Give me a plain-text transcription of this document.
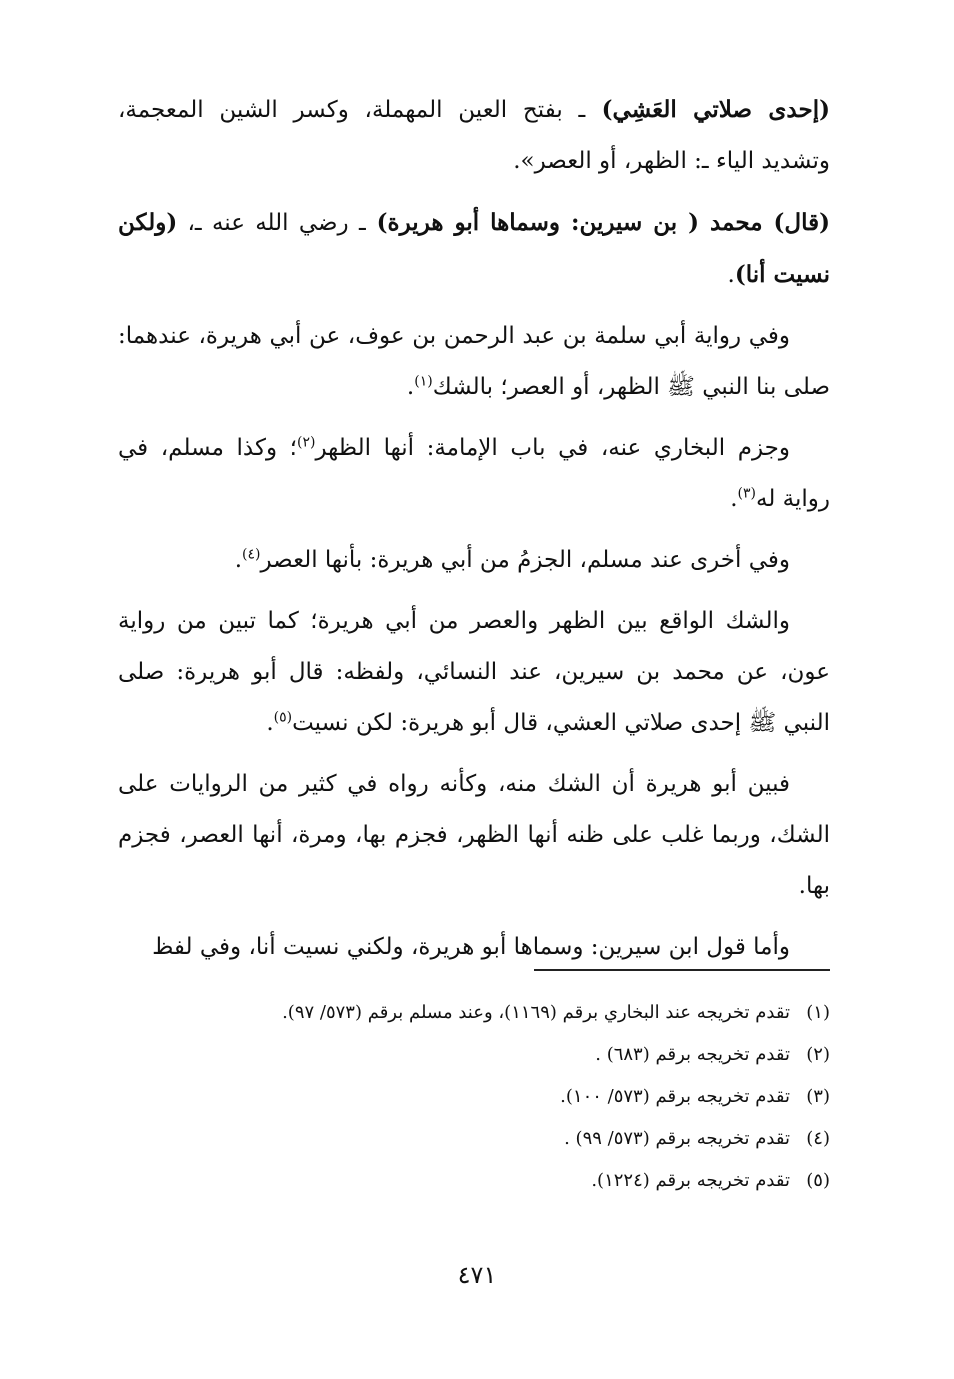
(إحدى صلاتي العَشِي) ـ بفتح العين المهملة، وكسر الشين المعجمة، وتشديد الياء ـ: الظهر، أو العصر».

(قال) محمد ( بن سيرين: وسماها أبو هريرة) ـ رضي الله عنه ـ، (ولكن نسيت أنا).

وفي رواية أبي سلمة بن عبد الرحمن بن عوف، عن أبي هريرة، عندهما: صلى بنا النبي ﷺ الظهر، أو العصر؛ بالشك$^{(١)}$.

وجزم البخاري عنه، في باب الإمامة: أنها الظهر$^{(٢)}$؛ وكذا مسلم، في رواية له$^{(٣)}$.

وفي أخرى عند مسلم، الجزمُ من أبي هريرة: بأنها العصر$^{(٤)}$.

والشك الواقع بين الظهر والعصر من أبي هريرة؛ كما تبين من رواية عون، عن محمد بن سيرين، عند النسائي، ولفظه: قال أبو هريرة: صلى النبي ﷺ إحدى صلاتي العشي، قال أبو هريرة: لكن نسيت$^{(٥)}$.

فبين أبو هريرة أن الشك منه، وكأنه رواه في كثير من الروايات على الشك، وربما غلب على ظنه أنها الظهر، فجزم بها، ومرة، أنها العصر، فجزم بها.

وأما قول ابن سيرين: وسماها أبو هريرة، ولكني نسيت أنا، وفي لفظ

(١)
تقدم تخريجه عند البخاري برقم (١١٦٩)، وعند مسلم برقم (٥٧٣/ ٩٧).
(٢)
تقدم تخريجه برقم (٦٨٣) .
(٣)
تقدم تخريجه برقم (٥٧٣/ ١٠٠).
(٤)
تقدم تخريجه برقم (٥٧٣/ ٩٩) .
(٥)
تقدم تخريجه برقم (١٢٢٤).
٤٧١
